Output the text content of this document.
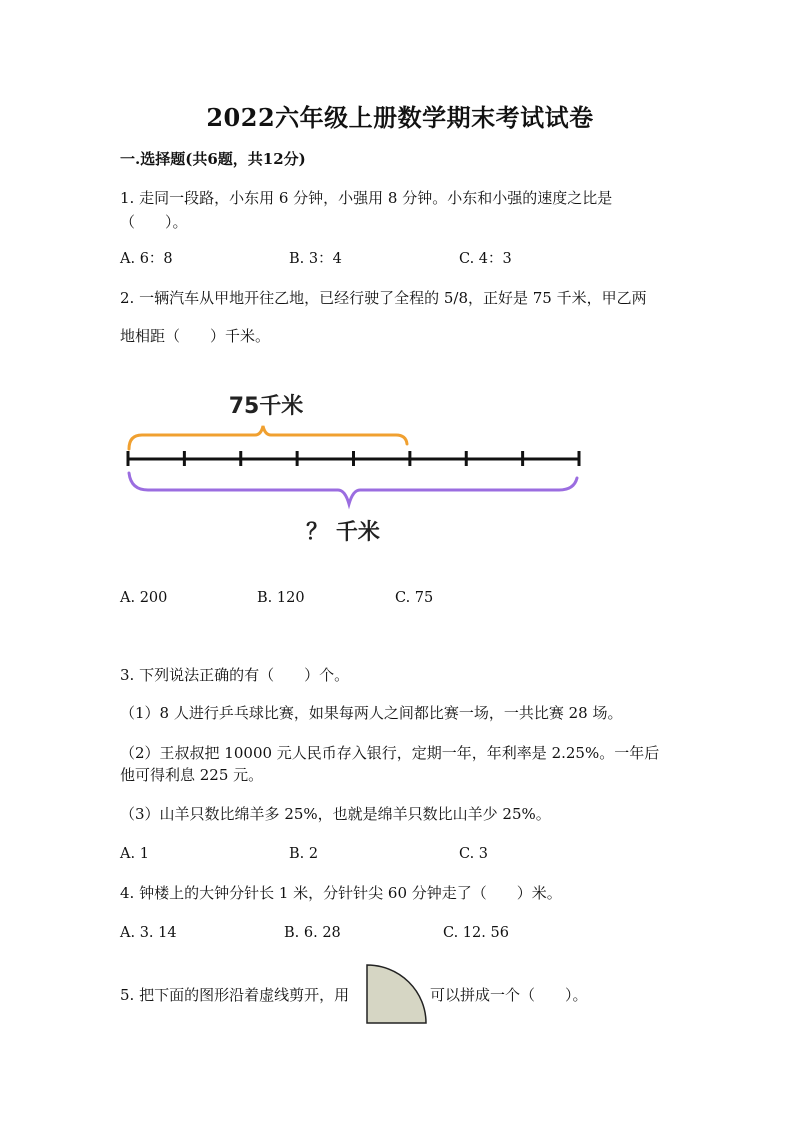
2022六年级上册数学期末考试试卷
一.选择题(共6题，共12分)
1. 走同一段路，小东用 6 分钟，小强用 8 分钟。小东和小强的速度之比是
（　　）。
A. 6：8	B. 3：4	C. 4：3
2. 一辆汽车从甲地开往乙地，已经行驶了全程的 5/8，正好是 75 千米，甲乙两
地相距（　　）千米。
75千米
？ 千米
A. 200	B. 120	C. 75
3. 下列说法正确的有（　　）个。
（1）8 人进行乒乓球比赛，如果每两人之间都比赛一场，一共比赛 28 场。
（2）王叔叔把 10000 元人民币存入银行，定期一年，年利率是 2.25%。一年后
他可得利息 225 元。
（3）山羊只数比绵羊多 25%，也就是绵羊只数比山羊少 25%。
A. 1	B. 2	C. 3
4. 钟楼上的大钟分针长 1 米，分针针尖 60 分钟走了（　　）米。
A. 3. 14	B. 6. 28	C. 12. 56
5. 把下面的图形沿着虚线剪开，用	可以拼成一个（　　）。
